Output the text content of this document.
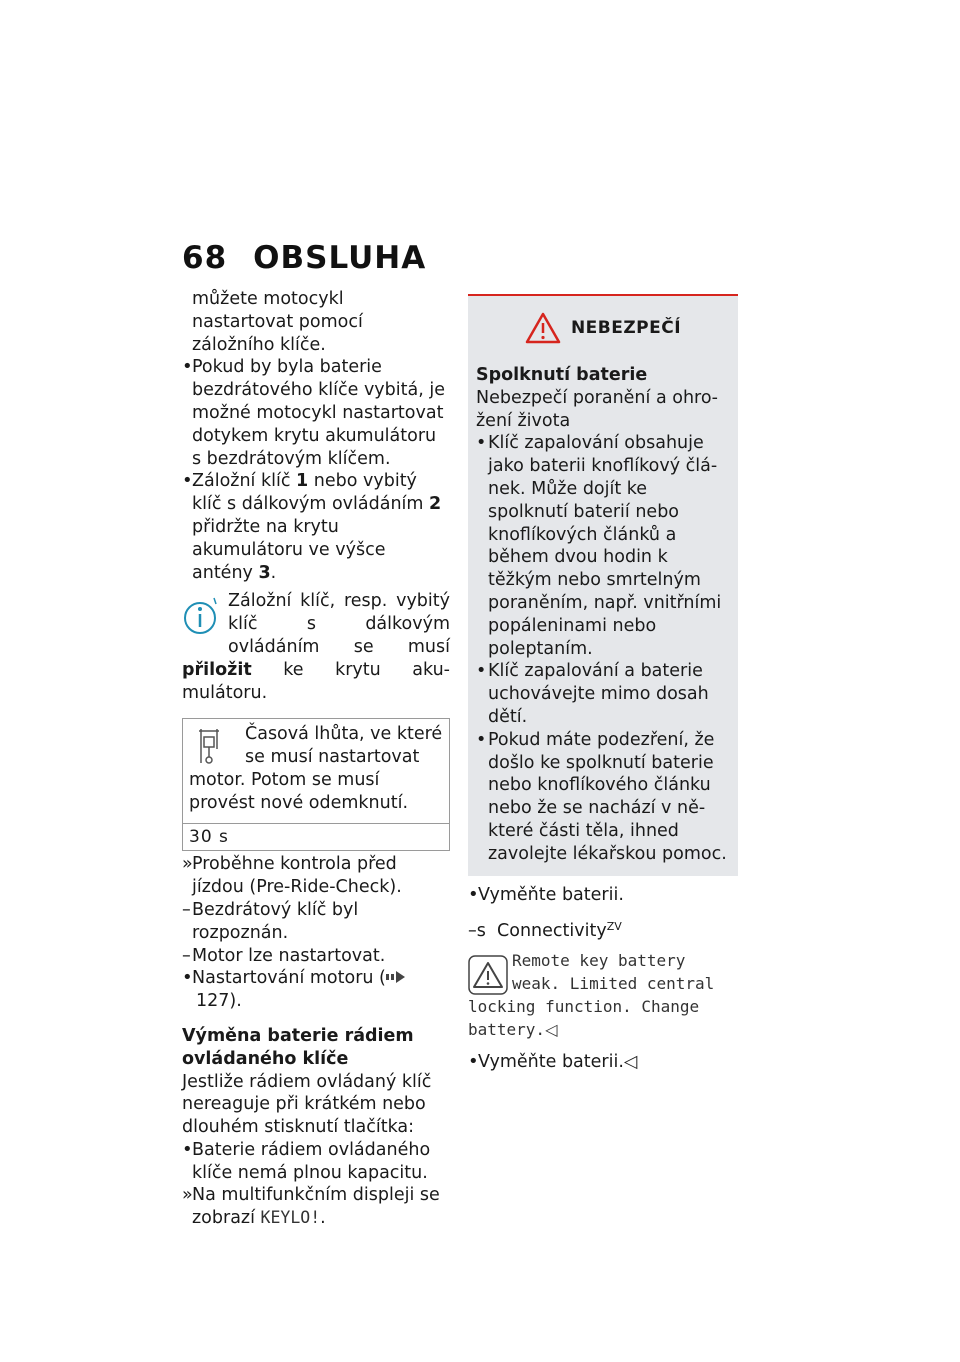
68 OBSLUHA

můžete motocykl nastartovat pomocí záložního klíče.

• Pokud by byla baterie bezdrátového klíče vybitá, je možné motocykl nastartovat dotykem krytu akumulátoru s bezdrátovým klíčem.

• Záložní klíč 1 nebo vybitý klíč s dálkovým ovládáním 2 přidržte na krytu akumulátoru ve výšce antény 3.

Záložní klíč, resp. vybitý klíč s dálkovým ovládáním se musí přiložit ke krytu akumulátoru.

Časová lhůta, ve které se musí nastartovat motor. Potom se musí provést nové odemknutí.

30 s

» Proběhne kontrola před jízdou (Pre-Ride-Check).

– Bezdrátový klíč byl rozpoznán.

– Motor lze nastartovat.

• Nastartování motoru (127).

Výměna baterie rádiem ovládaného klíče

Jestliže rádiem ovládaný klíč nereaguje při krátkém nebo dlouhém stisknutí tlačítka:

• Baterie rádiem ovládaného klíče nemá plnou kapacitu.

» Na multifunkčním displeji se zobrazí KEYLO!.

NEBEZPEČÍ

Spolknutí baterie

Nebezpečí poranění a ohrožení života

• Klíč zapalování obsahuje jako baterii knoflíkový článek. Může dojít ke spolknutí baterií nebo knoflíkových článků a během dvou hodin k těžkým nebo smrtelným poraněním, např. vnitřními popáleninami nebo poleptaním.

• Klíč zapalování a baterie uchovávejte mimo dosah dětí.

• Pokud máte podezření, že došlo ke spolknutí baterie nebo knoflíkového článku nebo že se nachází v některé části těla, ihned zavolejte lékařskou pomoc.

• Vyměňte baterii.

–s Connectivity$^{ZV}$

Remote key battery weak. Limited central locking function. Change battery.◁

• Vyměňte baterii.◁
